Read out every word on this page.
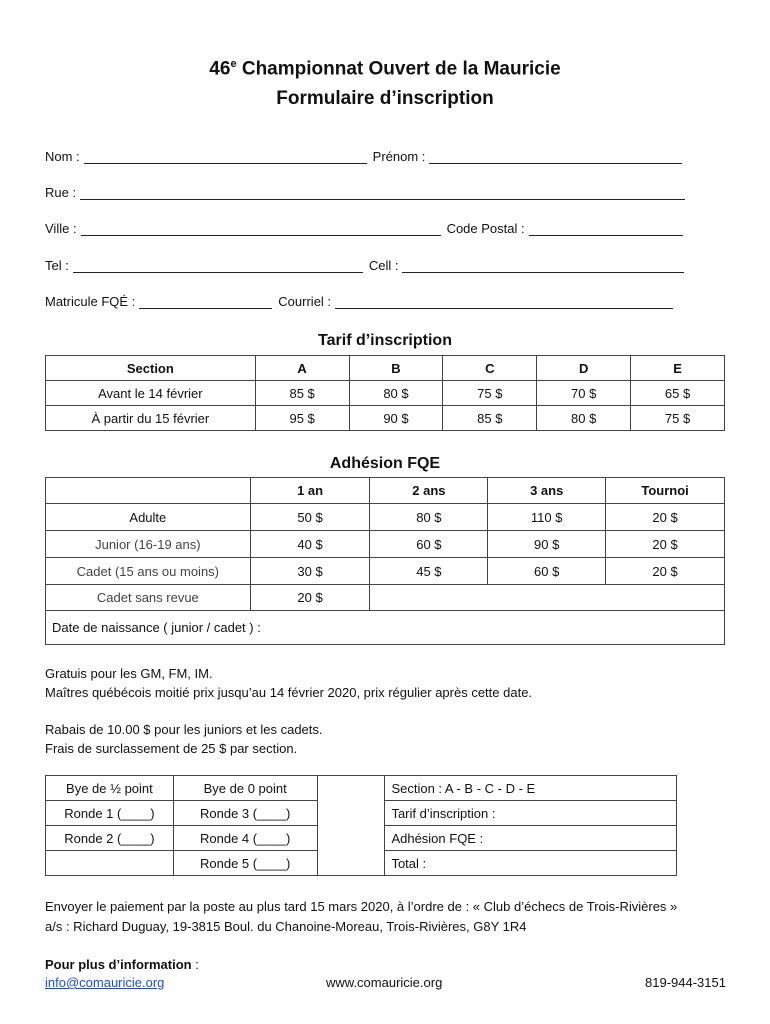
46e Championnat Ouvert de la Mauricie
Formulaire d’inscription
Nom :	Prénom :
Rue :
Ville :	Code Postal :
Tel :	Cell :
Matricule FQÉ :	Courriel :
Tarif d’inscription
Section	A	B	C	D	E
Avant le 14 février	85 $	80 $	75 $	70 $	65 $
À partir du 15 février	95 $	90 $	85 $	80 $	75 $
Adhésion FQE
	1 an	2 ans	3 ans	Tournoi
Adulte	50 $	80 $	110 $	20 $
Junior (16-19 ans)	40 $	60 $	90 $	20 $
Cadet (15 ans ou moins)	30 $	45 $	60 $	20 $
Cadet sans revue	20 $			
Date de naissance ( junior / cadet ) :				
Gratuis pour les GM, FM, IM.
Maîtres québécois moitié prix jusqu’au 14 février 2020, prix régulier après cette date.
Rabais de 10.00 $ pour les juniors et les cadets.
Frais de surclassement de 25 $ par section.
Bye de ½ point	Bye de 0 point		Section : A - B - C - D - E
Ronde 1 (____)	Ronde 3 (____)		Tarif d’inscription :
Ronde 2 (____)	Ronde 4 (____)		Adhésion FQE :
	Ronde 5 (____)		Total :
Envoyer le paiement par la poste au plus tard 15 mars 2020, à l’ordre de : « Club d’échecs de Trois-Rivières »
a/s : Richard Duguay, 19-3815 Boul. du Chanoine-Moreau, Trois-Rivières, G8Y 1R4
Pour plus d’information :
info@comauricie.org	www.comauricie.org	819-944-3151
